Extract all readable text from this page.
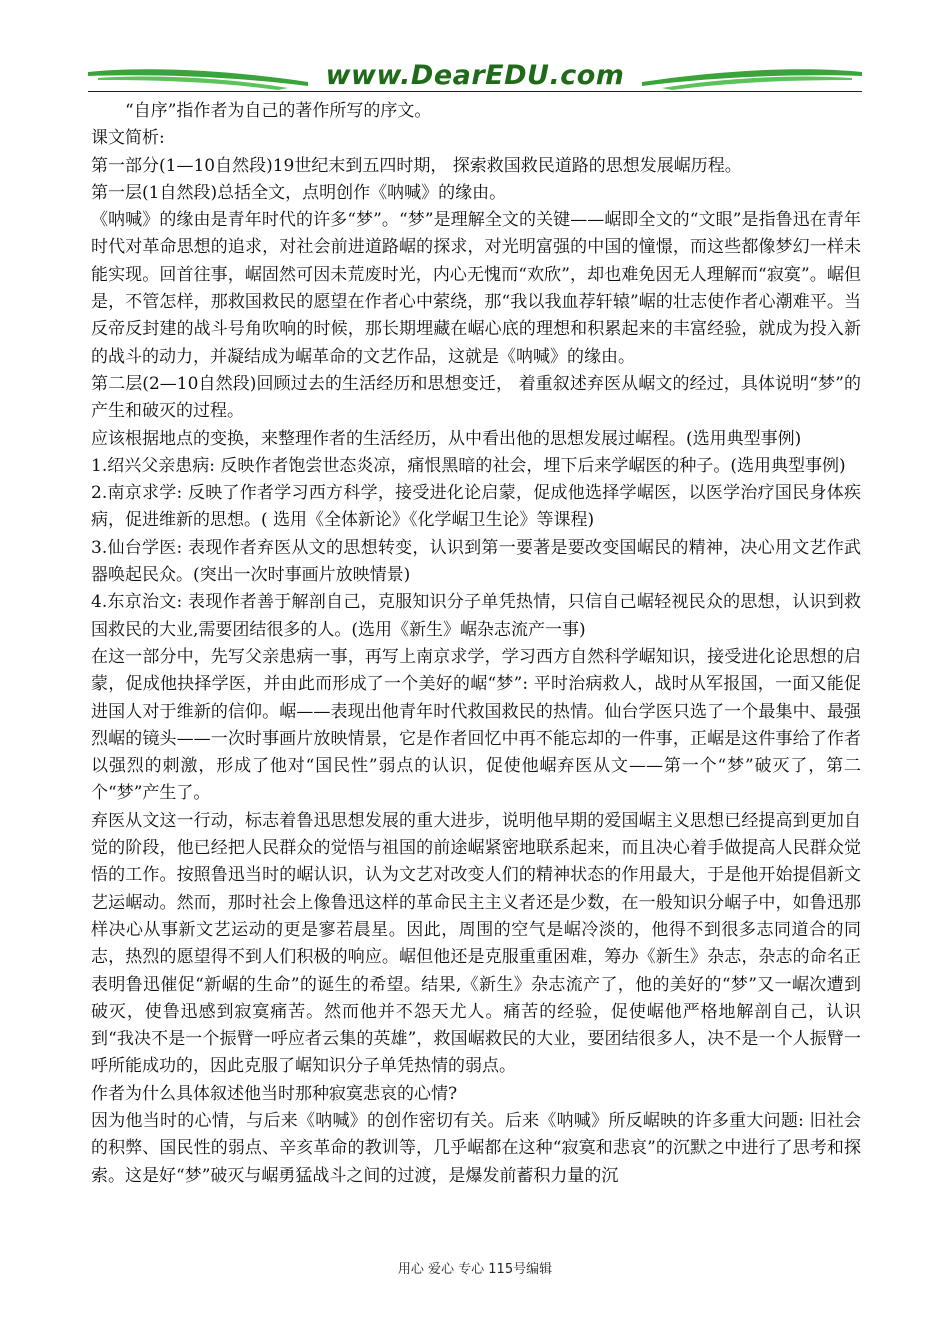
www.DearEDU.com

“自序”指作者为自己的著作所写的序文。

课文简析:

第一部分(1—10自然段)19世纪末到五四时期， 探索救国救民道路的思想发展崌历程。

第一层(1自然段)总括全文，点明创作《呐喊》的缘由。

《呐喊》的缘由是青年时代的许多“梦”。“梦”是理解全文的关键——崌即全文的“文眼”是指鲁迅在青年时代对革命思想的追求，对社会前进道路崌的探求，对光明富强的中国的憧憬，而这些都像梦幻一样未能实现。回首往事，崌固然可因未荒废时光，内心无愧而“欢欣”，却也难免因无人理解而“寂寞”。崌但是，不管怎样，那救国救民的愿望在作者心中萦绕，那“我以我血荐轩辕”崌的壮志使作者心潮难平。当反帝反封建的战斗号角吹响的时候，那长期埋藏在崌心底的理想和积累起来的丰富经验，就成为投入新的战斗的动力，并凝结成为崌革命的文艺作品，这就是《呐喊》的缘由。

第二层(2—10自然段)回顾过去的生活经历和思想变迁， 着重叙述弃医从崌文的经过，具体说明“梦”的产生和破灭的过程。

应该根据地点的变换，来整理作者的生活经历，从中看出他的思想发展过崌程。(选用典型事例)

1.绍兴父亲患病: 反映作者饱尝世态炎凉，痛恨黑暗的社会，埋下后来学崌医的种子。(选用典型事例)

2.南京求学: 反映了作者学习西方科学，接受进化论启蒙，促成他选择学崌医，以医学治疗国民身体疾病，促进维新的思想。( 选用《全体新论》《化学崌卫生论》等课程)

3.仙台学医: 表现作者弃医从文的思想转变，认识到第一要著是要改变国崌民的精神，决心用文艺作武器唤起民众。(突出一次时事画片放映情景)

4.东京治文: 表现作者善于解剖自己，克服知识分子单凭热情，只信自己崌轻视民众的思想，认识到救国救民的大业,需要团结很多的人。(选用《新生》崌杂志流产一事)

在这一部分中，先写父亲患病一事，再写上南京求学，学习西方自然科学崌知识，接受进化论思想的启蒙，促成他抉择学医，并由此而形成了一个美好的崌“梦”: 平时治病救人，战时从军报国，一面又能促进国人对于维新的信仰。崌——表现出他青年时代救国救民的热情。仙台学医只选了一个最集中、最强烈崌的镜头——一次时事画片放映情景，它是作者回忆中再不能忘却的一件事，正崌是这件事给了作者以强烈的刺激，形成了他对“国民性”弱点的认识，促使他崌弃医从文——第一个“梦”破灭了，第二个“梦”产生了。

弃医从文这一行动，标志着鲁迅思想发展的重大进步，说明他早期的爱国崌主义思想已经提高到更加自觉的阶段，他已经把人民群众的觉悟与祖国的前途崌紧密地联系起来，而且决心着手做提高人民群众觉悟的工作。按照鲁迅当时的崌认识，认为文艺对改变人们的精神状态的作用最大，于是他开始提倡新文艺运崌动。然而，那时社会上像鲁迅这样的革命民主主义者还是少数，在一般知识分崌子中，如鲁迅那样决心从事新文艺运动的更是寥若晨星。因此，周围的空气是崌冷淡的，他得不到很多志同道合的同志，热烈的愿望得不到人们积极的响应。崌但他还是克服重重困难，筹办《新生》杂志，杂志的命名正表明鲁迅催促“新崌的生命”的诞生的希望。结果,《新生》杂志流产了，他的美好的“梦”又一崌次遭到破灭，使鲁迅感到寂寞痛苦。然而他并不怨天尤人。痛苦的经验，促使崌他严格地解剖自己，认识到“我决不是一个振臂一呼应者云集的英雄”，救国崌救民的大业，要团结很多人，决不是一个人振臂一呼所能成功的，因此克服了崌知识分子单凭热情的弱点。

作者为什么具体叙述他当时那种寂寞悲哀的心情?

因为他当时的心情，与后来《呐喊》的创作密切有关。后来《呐喊》所反崌映的许多重大问题: 旧社会的积弊、国民性的弱点、辛亥革命的教训等，几乎崌都在这种“寂寞和悲哀”的沉默之中进行了思考和探索。这是好“梦”破灭与崌勇猛战斗之间的过渡，是爆发前蓄积力量的沉

用心 爱心 专心 115号编辑
